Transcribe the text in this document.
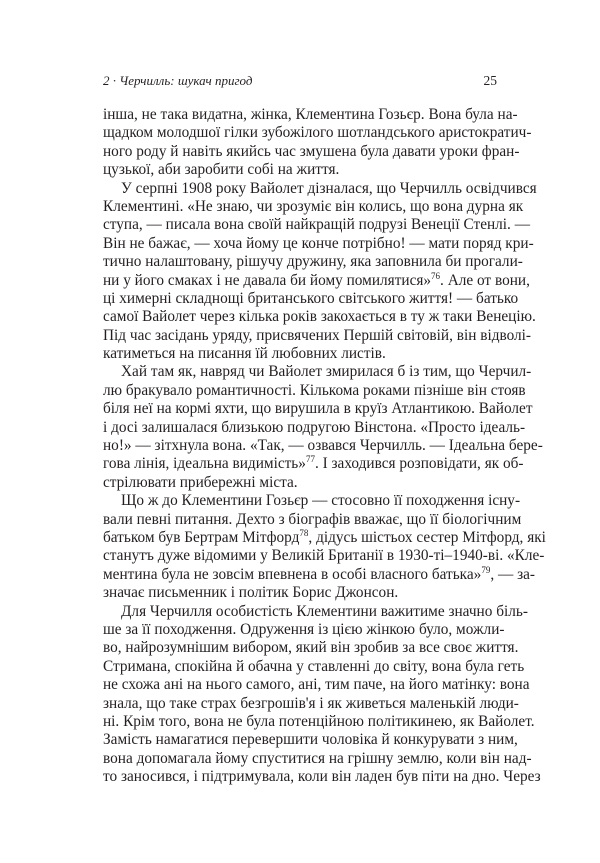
2 · Черчилль: шукач пригод	25
інша, не така видатна, жінка, Клементина Гозьєр. Вона була на-
щадком молодшої гілки зубожілого шотландського аристократич-
ного роду й навіть якийсь час змушена була давати уроки фран-
цузької, аби заробити собі на життя.
У серпні 1908 року Вайолет дізналася, що Черчилль освідчився
Клементині. «Не знаю, чи зрозуміє він колись, що вона дурна як
ступа, — писала вона своїй найкращій подрузі Венеції Стенлі. —
Він не бажає, — хоча йому це конче потрібно! — мати поряд кри-
тично налаштовану, рішучу дружину, яка заповнила би прогали-
ни у його смаках і не давала би йому помилятися»$^{76}$. Але от вони,
ці химерні складнощі британського світського життя! — батько
самої Вайолет через кілька років закохається в ту ж таки Венецію.
Під час засідань уряду, присвячених Першій світовій, він відволі-
катиметься на писання їй любовних листів.
Хай там як, навряд чи Вайолет змирилася б із тим, що Черчил-
лю бракувало романтичності. Кількома роками пізніше він стояв
біля неї на кормі яхти, що вирушила в круїз Атлантикою. Вайолет
і досі залишалася близькою подругою Вінстона. «Просто ідеаль-
но!» — зітхнула вона. «Так, — озвався Черчилль. — Ідеальна бере-
гова лінія, ідеальна видимість»$^{77}$. І заходився розповідати, як об-
стрілювати прибережні міста.
Що ж до Клементини Гозьєр — стосовно її походження існу-
вали певні питання. Дехто з біографів вважає, що її біологічним
батьком був Бертрам Мітфорд$^{78}$, дідусь шістьох сестер Мітфорд, які
станутъ дуже відомими у Великій Британії в 1930-ті–1940-ві. «Кле-
ментина була не зовсім впевнена в особі власного батька»$^{79}$, — за-
значає письменник і політик Борис Джонсон.
Для Черчилля особистість Клементини важитиме значно біль-
ше за її походження. Одруження із цією жінкою було, можли-
во, найрозумнішим вибором, який він зробив за все своє життя.
Стримана, спокійна й обачна у ставленні до світу, вона була геть
не схожа ані на нього самого, ані, тим паче, на його матінку: вона
знала, що таке страх безгрошів'я і як живеться маленькій люди-
ні. Крім того, вона не була потенційною політикинею, як Вайолет.
Замість намагатися перевершити чоловіка й конкурувати з ним,
вона допомагала йому спуститися на грішну землю, коли він над-
то заносився, і підтримувала, коли він ладен був піти на дно. Через
